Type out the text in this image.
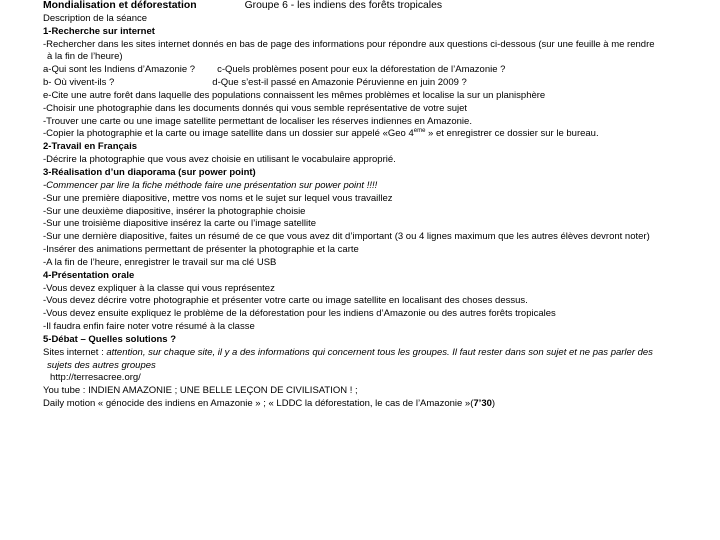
Mondialisation et déforestation	Groupe 6 - les indiens des forêts tropicales
Description de la séance
1-Recherche sur internet
-Rechercher dans les sites internet donnés en bas de page des informations pour répondre aux questions ci-dessous (sur une feuille à me rendre
à la fin de l’heure)
a-Qui sont les Indiens d’Amazonie ? c-Quels problèmes posent pour eux la déforestation de l’Amazonie ?
b- Où vivent-ils ?	d-Que s’est-il passé en Amazonie Péruvienne en juin 2009 ?
e-Cite une autre forêt dans laquelle des populations connaissent les mêmes problèmes et localise la sur un planisphère
-Choisir une photographie dans les documents donnés qui vous semble représentative de votre sujet
-Trouver une carte ou une image satellite permettant de localiser les réserves indiennes en Amazonie.
-Copier la photographie et la carte ou image satellite dans un dossier sur appelé «Geo 4ème » et enregistrer ce dossier sur le bureau.
2-Travail en Français
-Décrire la photographie que vous avez choisie en utilisant le vocabulaire approprié.
3-Réalisation d’un diaporama (sur power point)
-Commencer par lire la fiche méthode faire une présentation sur power point !!!!
-Sur une première diapositive, mettre vos noms et le sujet sur lequel vous travaillez
-Sur une deuxième diapositive, insérer la photographie choisie
-Sur une troisième diapositive insérez la carte ou l’image satellite
-Sur une dernière diapositive, faites un résumé de ce que vous avez dit d’important (3 ou 4 lignes maximum que les autres élèves devront noter)
-Insérer des animations permettant de présenter la photographie et la carte
-A la fin de l’heure, enregistrer le travail sur ma clé USB
4-Présentation orale
-Vous devez expliquer à la classe qui vous représentez
-Vous devez décrire votre photographie et présenter votre carte ou image satellite en localisant des choses dessus.
-Vous devez ensuite expliquez le problème de la déforestation pour les indiens d’Amazonie ou des autres forêts tropicales
-Il faudra enfin faire noter votre résumé à la classe
5-Débat – Quelles solutions ?
Sites internet : attention, sur chaque site, il y a des informations qui concernent tous les groupes. Il faut rester dans son sujet et ne pas parler des
sujets des autres groupes
http://terresacree.org/
You tube : INDIEN AMAZONIE ; UNE BELLE LEÇON DE CIVILISATION ! ;
Daily motion « génocide des indiens en Amazonie » ; « LDDC la déforestation, le cas de l’Amazonie »(7’30)
